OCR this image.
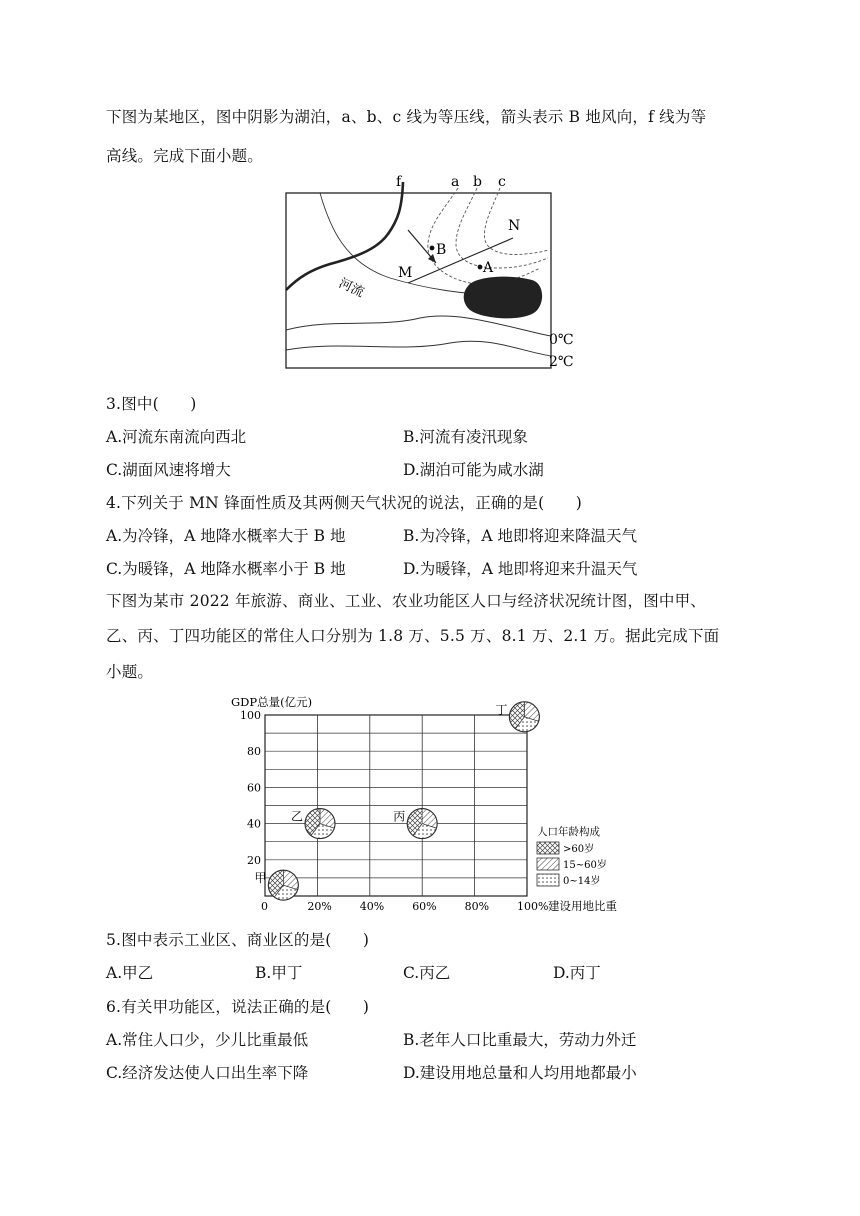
下图为某地区，图中阴影为湖泊，a、b、c 线为等压线，箭头表示 B 地风向，f 线为等
高线。完成下面小题。
f	a b c
N
M
B
A
河流
0℃
2℃
3.图中(　　)
A.河流东南流向西北	B.河流有凌汛现象
C.湖面风速将增大	D.湖泊可能为咸水湖
4.下列关于 MN 锋面性质及其两侧天气状况的说法，正确的是(　　)
A.为冷锋，A 地降水概率大于 B 地	B.为冷锋，A 地即将迎来降温天气
C.为暖锋，A 地降水概率小于 B 地	D.为暖锋，A 地即将迎来升温天气
下图为某市 2022 年旅游、商业、工业、农业功能区人口与经济状况统计图，图中甲、
乙、丙、丁四功能区的常住人口分别为 1.8 万、5.5 万、8.1 万、2.1 万。据此完成下面
小题。
0	20%	40%	60%	80%	100%
20
40
60
80
100
甲
乙	丙
丁
GDP总量(亿元)
建设用地比重
人口年龄构成
>60岁
15~60岁
0~14岁
5.图中表示工业区、商业区的是(　　)
A.甲乙	B.甲丁	C.丙乙	D.丙丁
6.有关甲功能区，说法正确的是(　　)
A.常住人口少，少儿比重最低	B.老年人口比重最大，劳动力外迁
C.经济发达使人口出生率下降	D.建设用地总量和人均用地都最小
